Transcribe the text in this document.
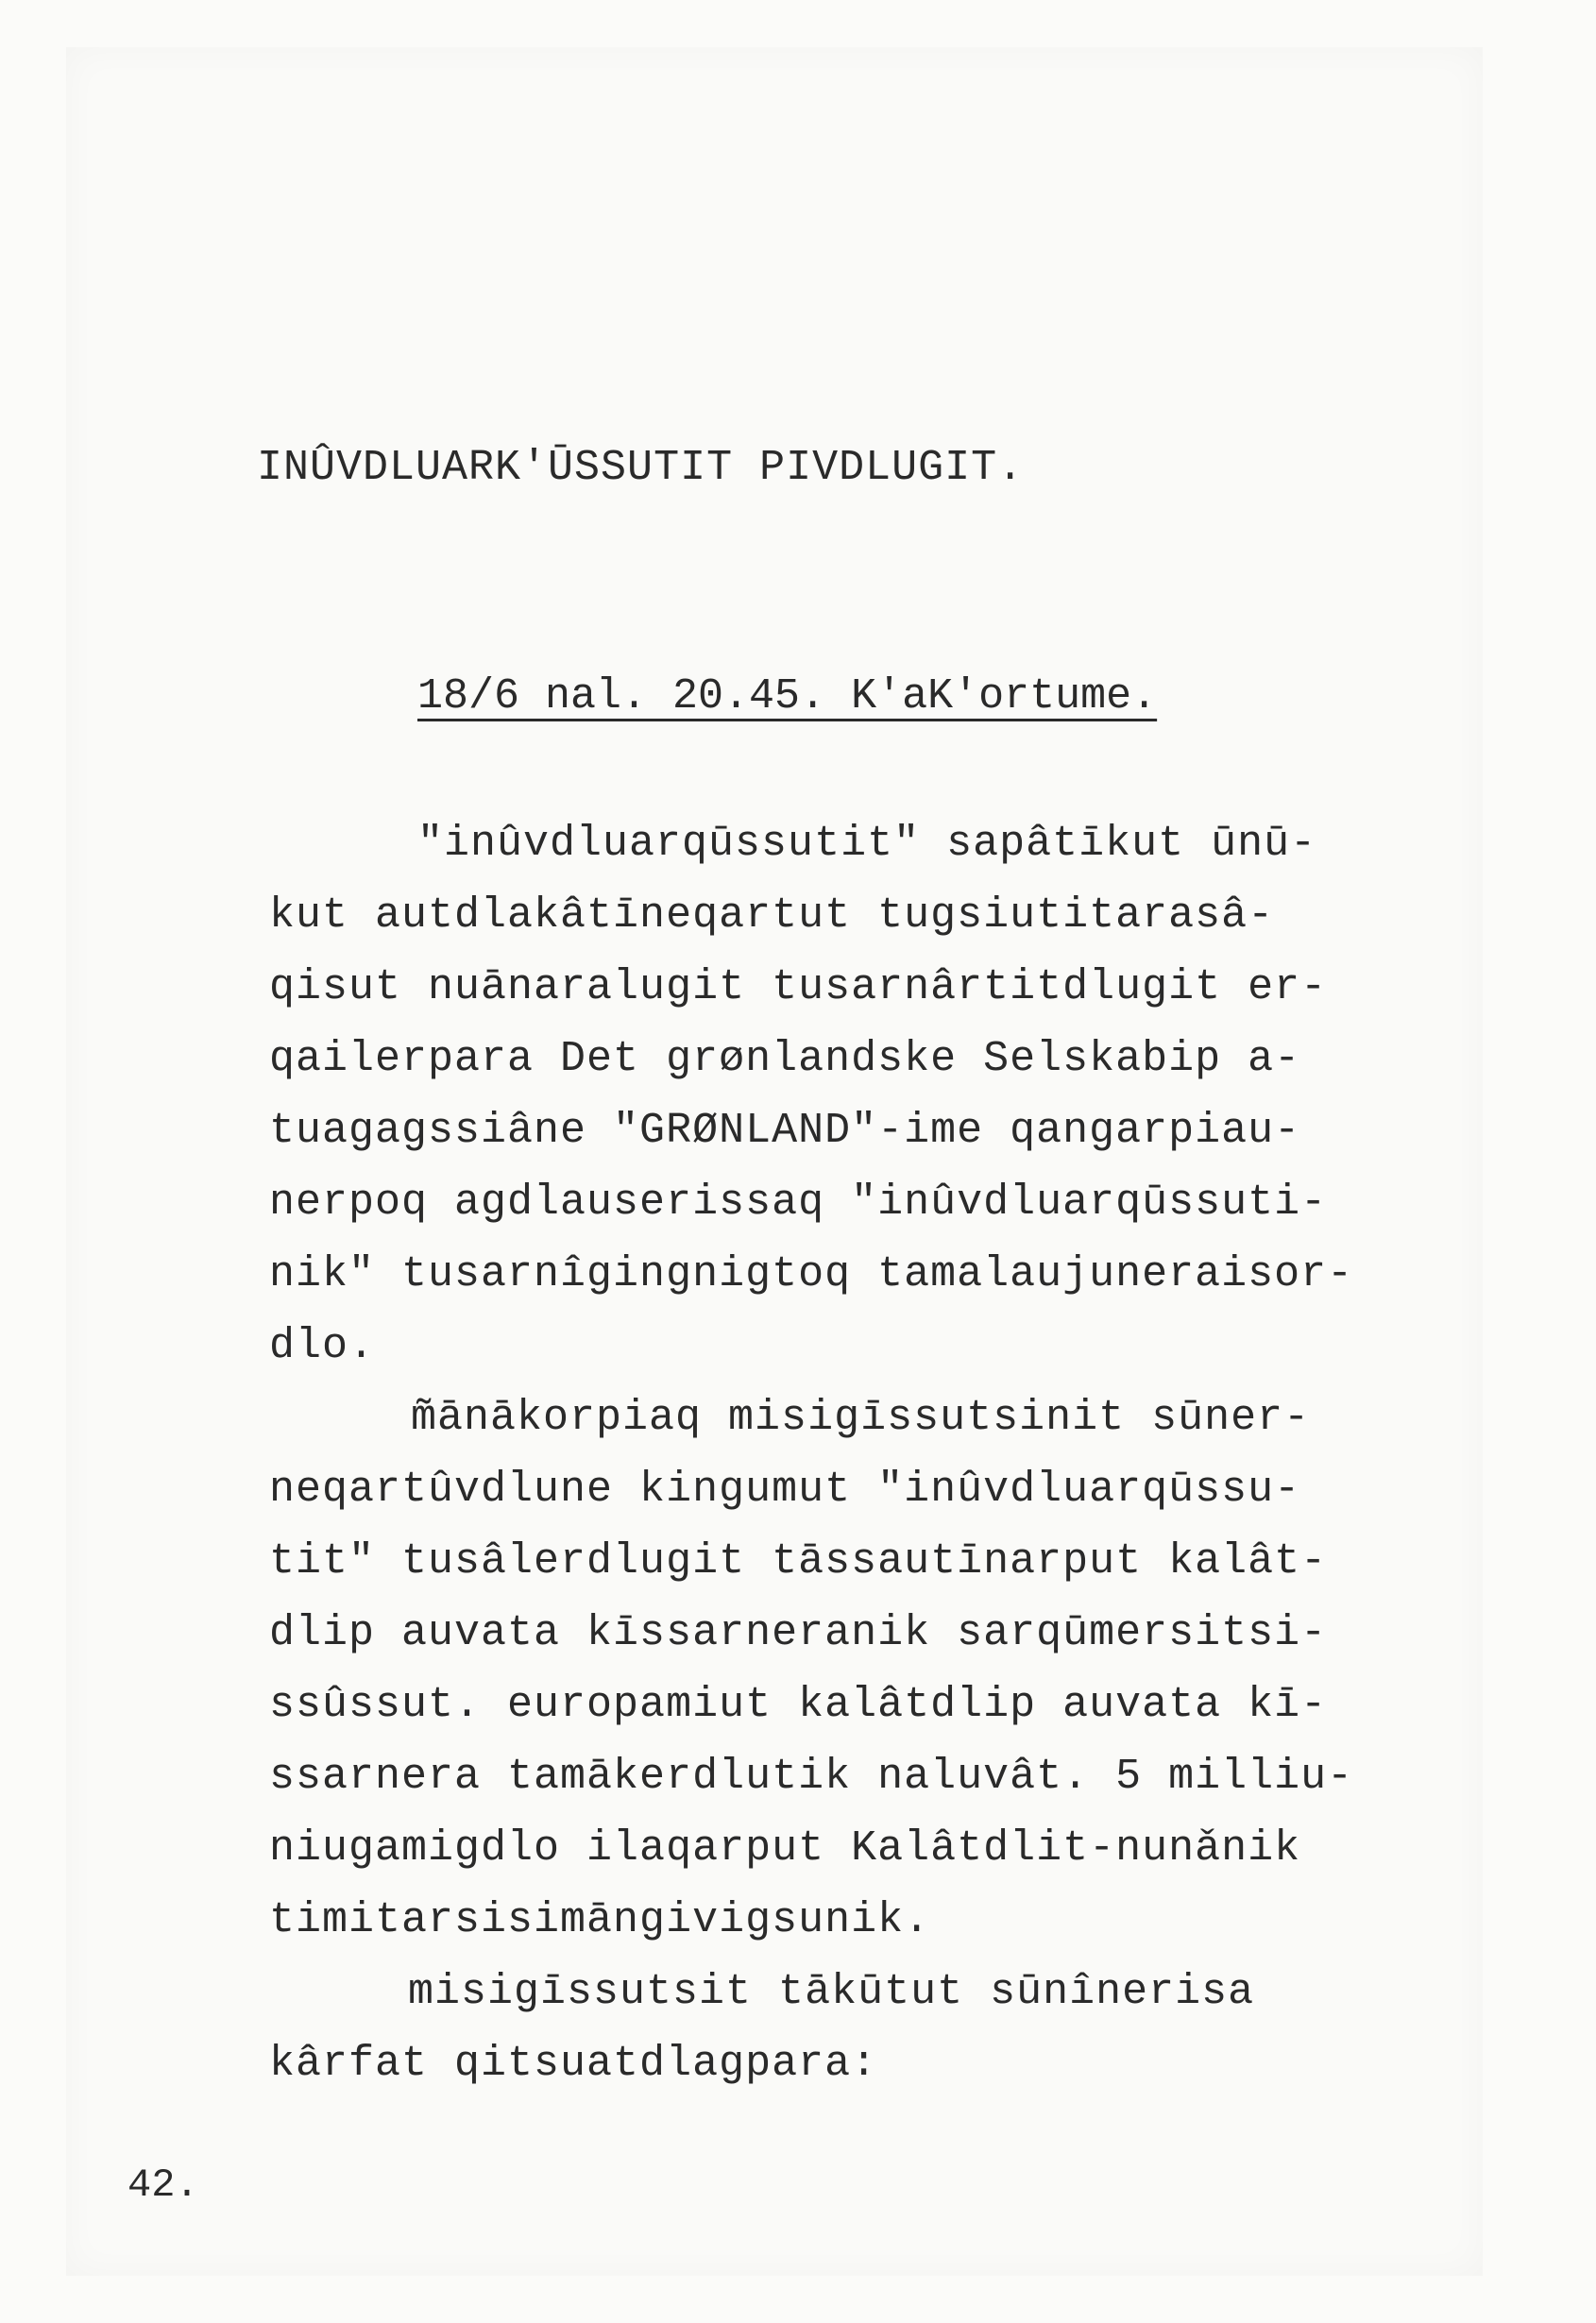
INÛVDLUARK'ŪSSUTIT PIVDLUGIT.
18/6 nal. 20.45. K'aK'ortume.
"inûvdluarqūssutit" sapâtīkut ūnū-
kut autdlakâtīneqartut tugsiutitarasâ-
qisut nuānaralugit tusarnârtitdlugit er-
qailerpara Det grønlandske Selskabip a-
tuagagssiâne "GRØNLAND"-ime qangarpiau-
nerpoq agdlauserissaq "inûvdluarqūssuti-
nik" tusarnîgingnigtoq tamalaujuneraisor-
dlo.
m̃ānākorpiaq misigīssutsinit sūner-
neqartûvdlune kingumut "inûvdluarqūssu-
tit" tusâlerdlugit tāssautīnarput kalât-
dlip auvata kīssarneranik sarqūmersitsi-
ssûssut. europamiut kalâtdlip auvata kī-
ssarnera tamākerdlutik naluvât. 5 milliu-
niugamigdlo ilaqarput Kalâtdlit-nunǎnik
timitarsisimāngivigsunik.
misigīssutsit tākūtut sūnînerisa
kârfat qitsuatdlagpara:
42.
